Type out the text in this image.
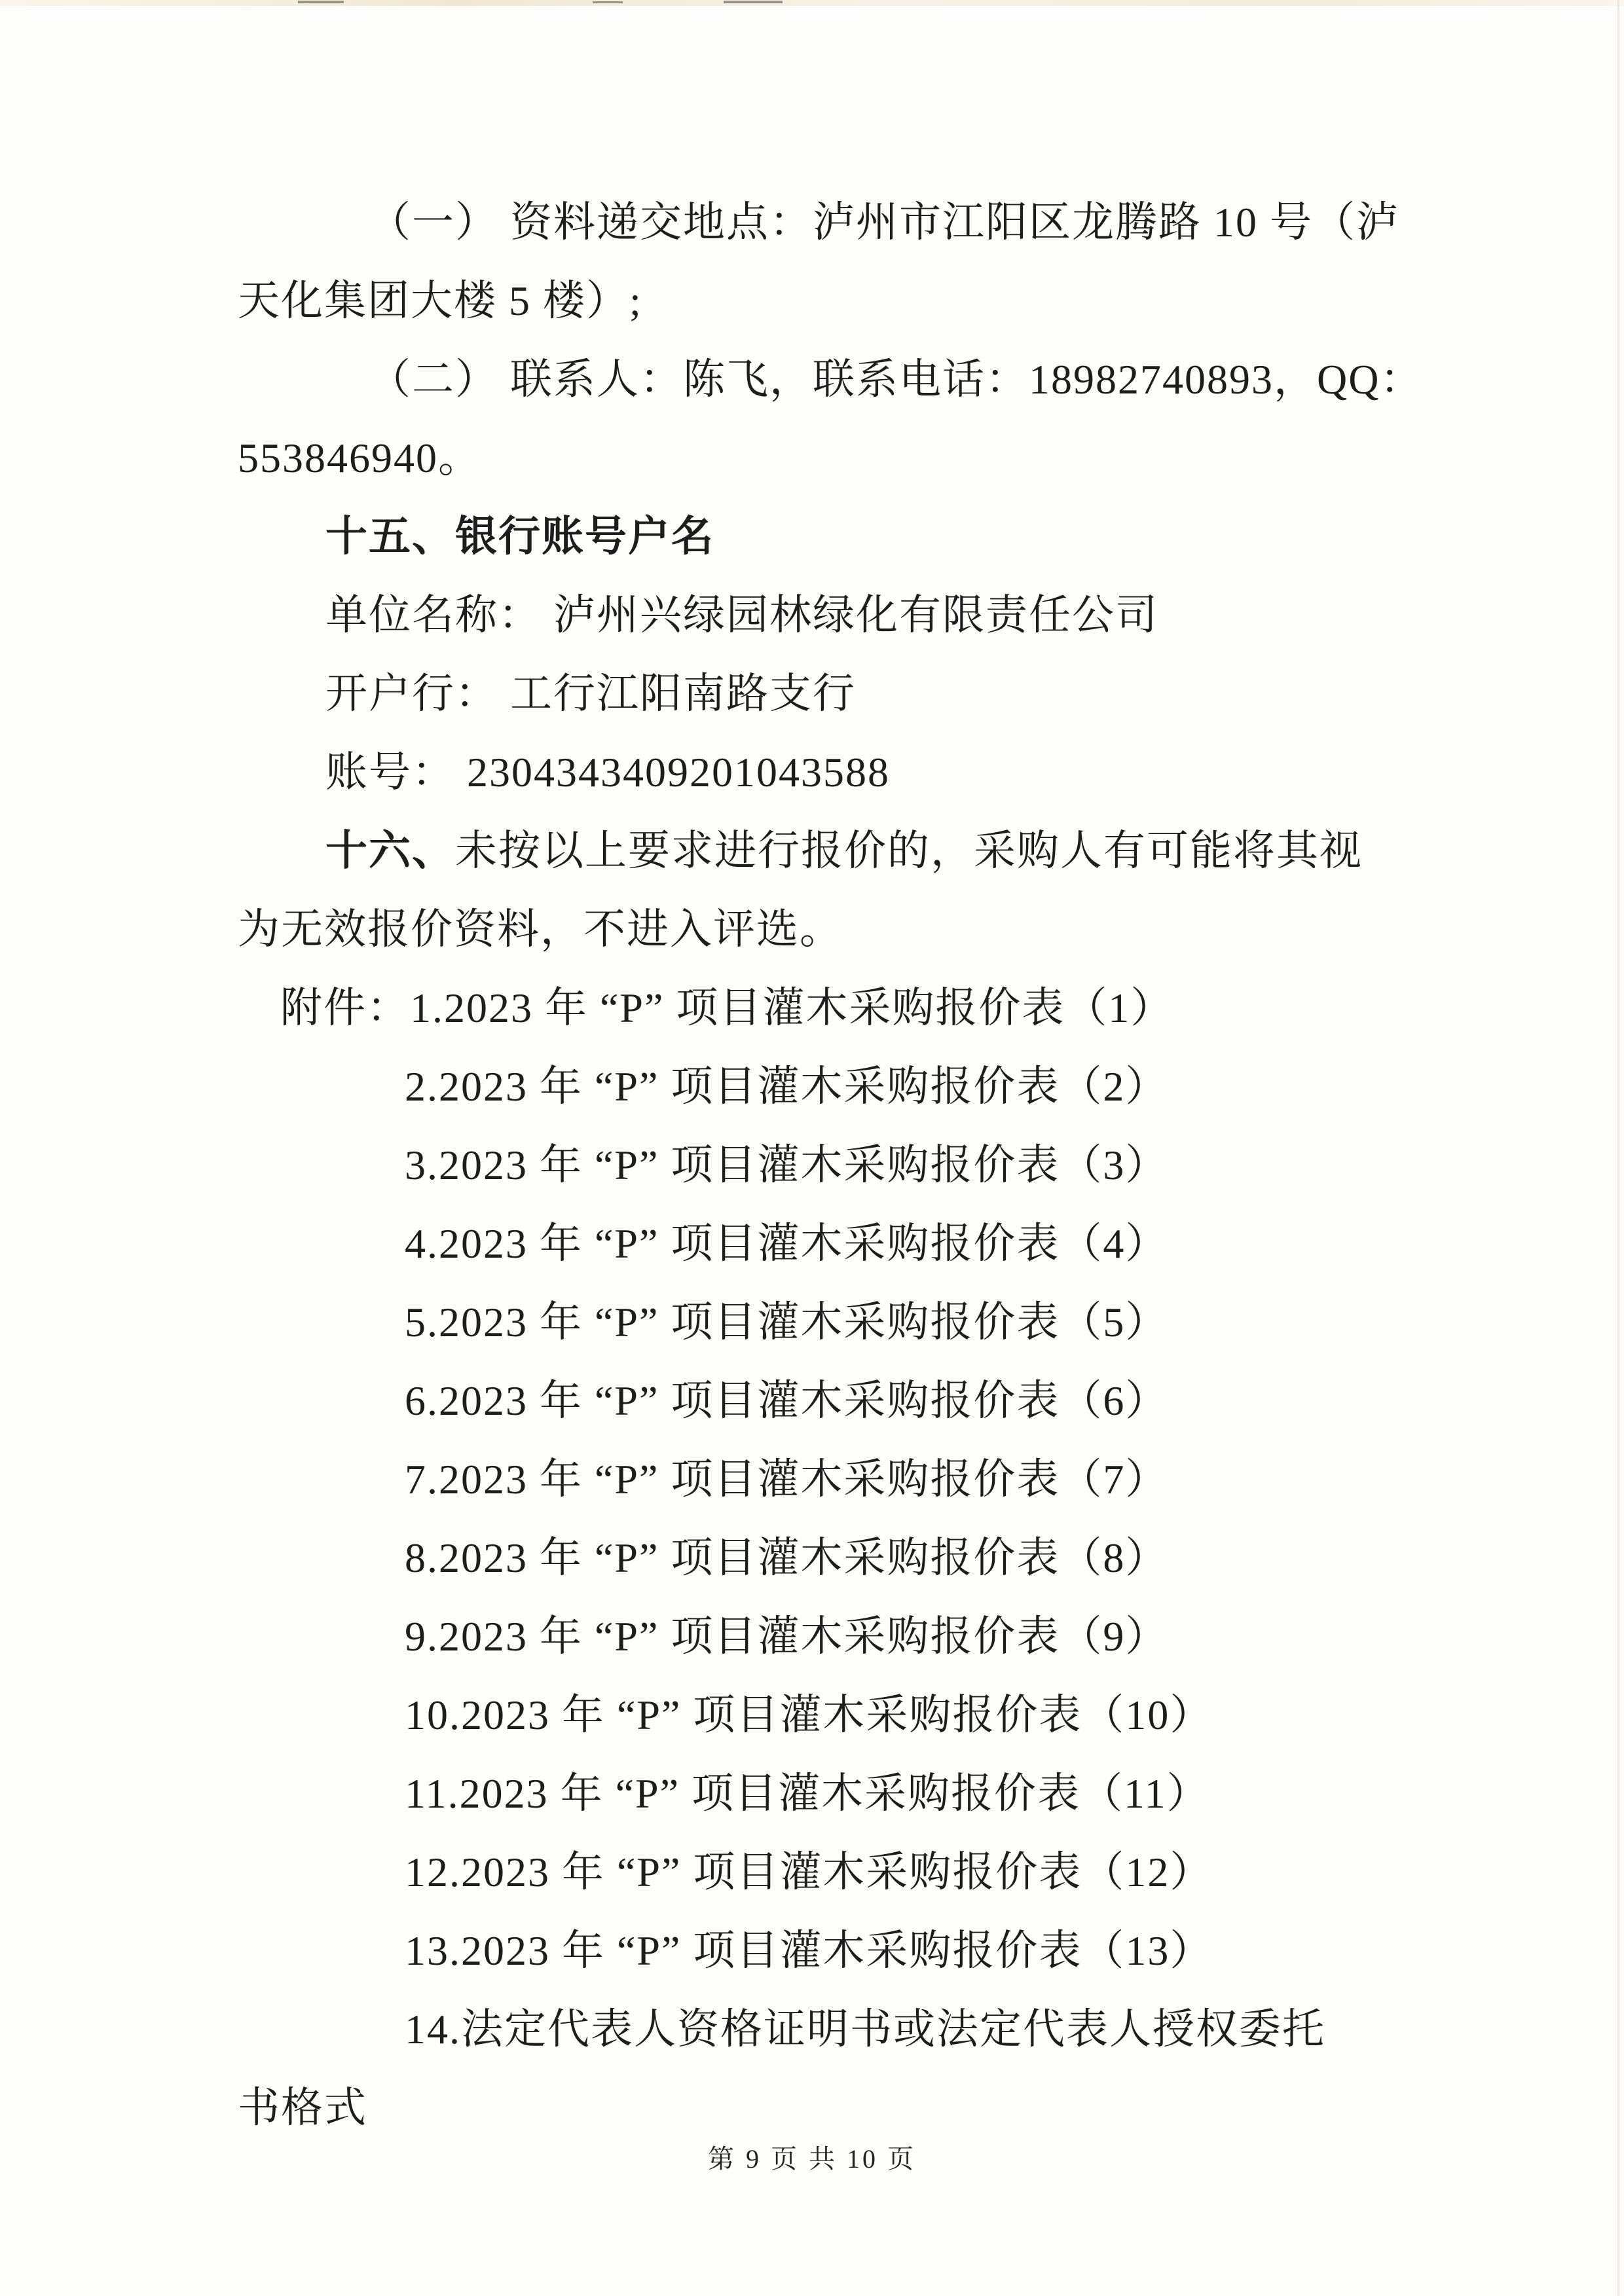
（一） 资料递交地点：泸州市江阳区龙腾路 10 号（泸
天化集团大楼 5 楼）;
（二） 联系人：陈飞，联系电话：18982740893，QQ：
553846940。
十五、银行账号户名
单位名称： 泸州兴绿园林绿化有限责任公司
开户行： 工行江阳南路支行
账号： 2304343409201043588
十六、未按以上要求进行报价的，采购人有可能将其视
为无效报价资料，不进入评选。
附件：1.2023 年 “P” 项目灌木采购报价表（1）
2.2023 年 “P” 项目灌木采购报价表（2）
3.2023 年 “P” 项目灌木采购报价表（3）
4.2023 年 “P” 项目灌木采购报价表（4）
5.2023 年 “P” 项目灌木采购报价表（5）
6.2023 年 “P” 项目灌木采购报价表（6）
7.2023 年 “P” 项目灌木采购报价表（7）
8.2023 年 “P” 项目灌木采购报价表（8）
9.2023 年 “P” 项目灌木采购报价表（9）
10.2023 年 “P” 项目灌木采购报价表（10）
11.2023 年 “P” 项目灌木采购报价表（11）
12.2023 年 “P” 项目灌木采购报价表（12）
13.2023 年 “P” 项目灌木采购报价表（13）
14.法定代表人资格证明书或法定代表人授权委托
书格式
第 9 页 共 10 页
